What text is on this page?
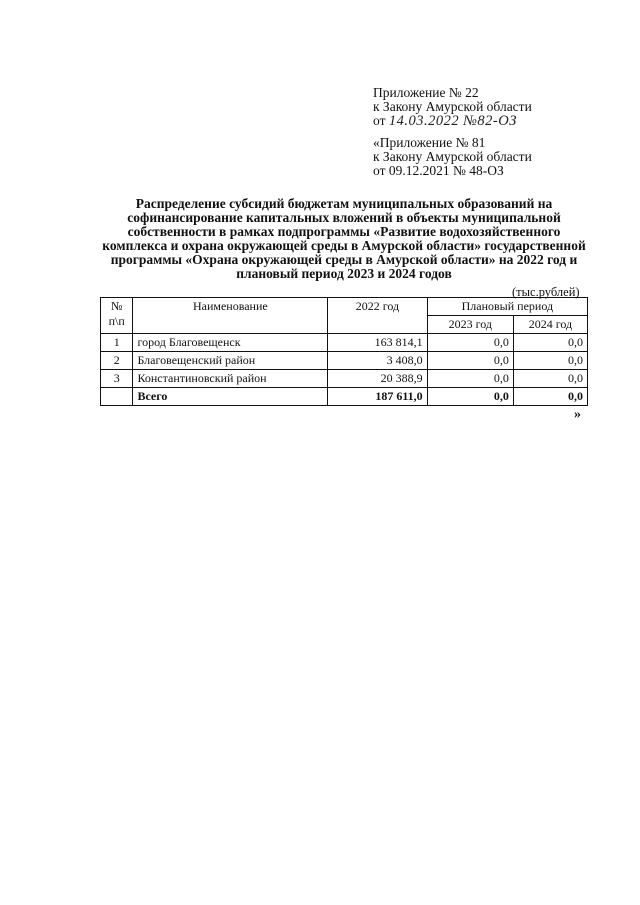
Приложение № 22
к Закону Амурской области
от 14.03.2022 №82-ОЗ
«Приложение № 81
к Закону Амурской области
от 09.12.2021 № 48-ОЗ
Распределение субсидий бюджетам муниципальных образований на софинансирование капитальных вложений в объекты муниципальной собственности в рамках подпрограммы «Развитие водохозяйственного комплекса и охрана окружающей среды в Амурской области» государственной программы «Охрана окружающей среды в Амурской области» на 2022 год и плановый период 2023 и 2024 годов
(тыс.рублей)
№ п\п	Наименование	2022 год	Плановый период	
			2023 год	2024 год
1	город Благовещенск	163 814,1	0,0	0,0
2	Благовещенский район	3 408,0	0,0	0,0
3	Константиновский район	20 388,9	0,0	0,0
	Всего	187 611,0	0,0	0,0
»
